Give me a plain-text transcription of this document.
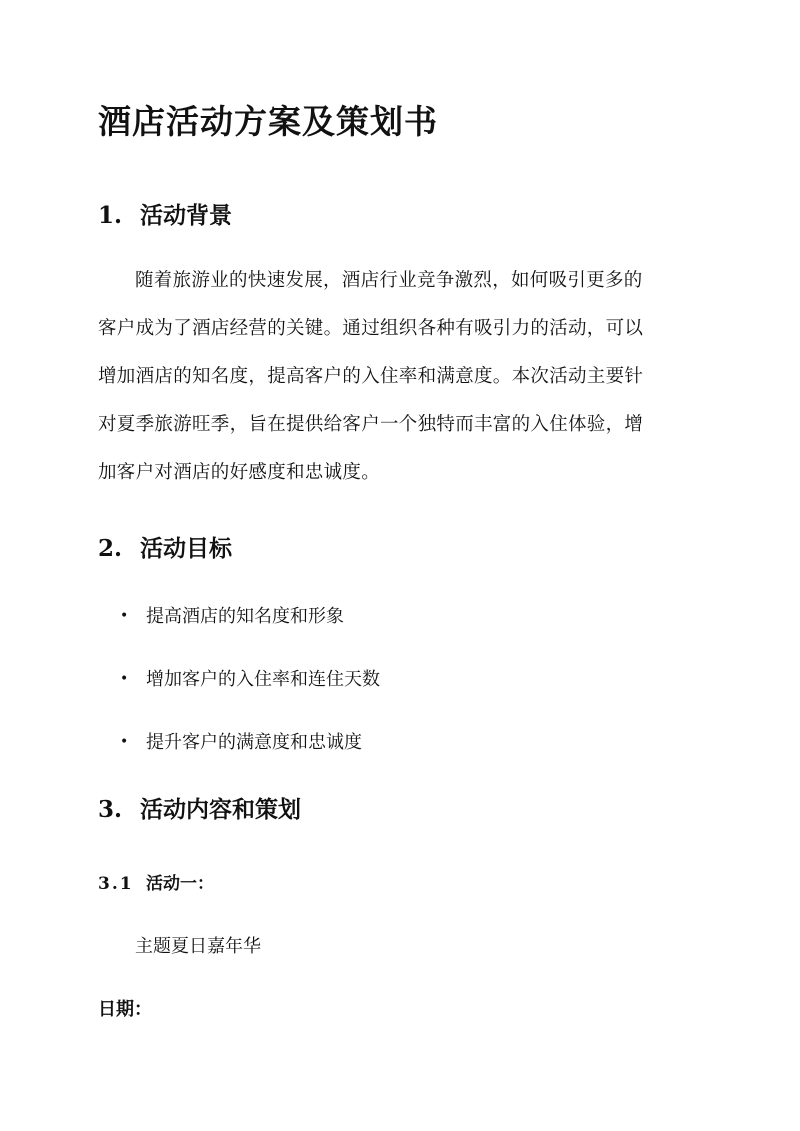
酒店活动方案及策划书
1. 活动背景
随着旅游业的快速发展，酒店行业竞争激烈，如何吸引更多的
客户成为了酒店经营的关键。通过组织各种有吸引力的活动，可以
增加酒店的知名度，提高客户的入住率和满意度。本次活动主要针
对夏季旅游旺季，旨在提供给客户一个独特而丰富的入住体验，增
加客户对酒店的好感度和忠诚度。
2. 活动目标
• 提高酒店的知名度和形象
• 增加客户的入住率和连住天数
• 提升客户的满意度和忠诚度
3. 活动内容和策划
3.1 活动一：
主题夏日嘉年华
日期：
